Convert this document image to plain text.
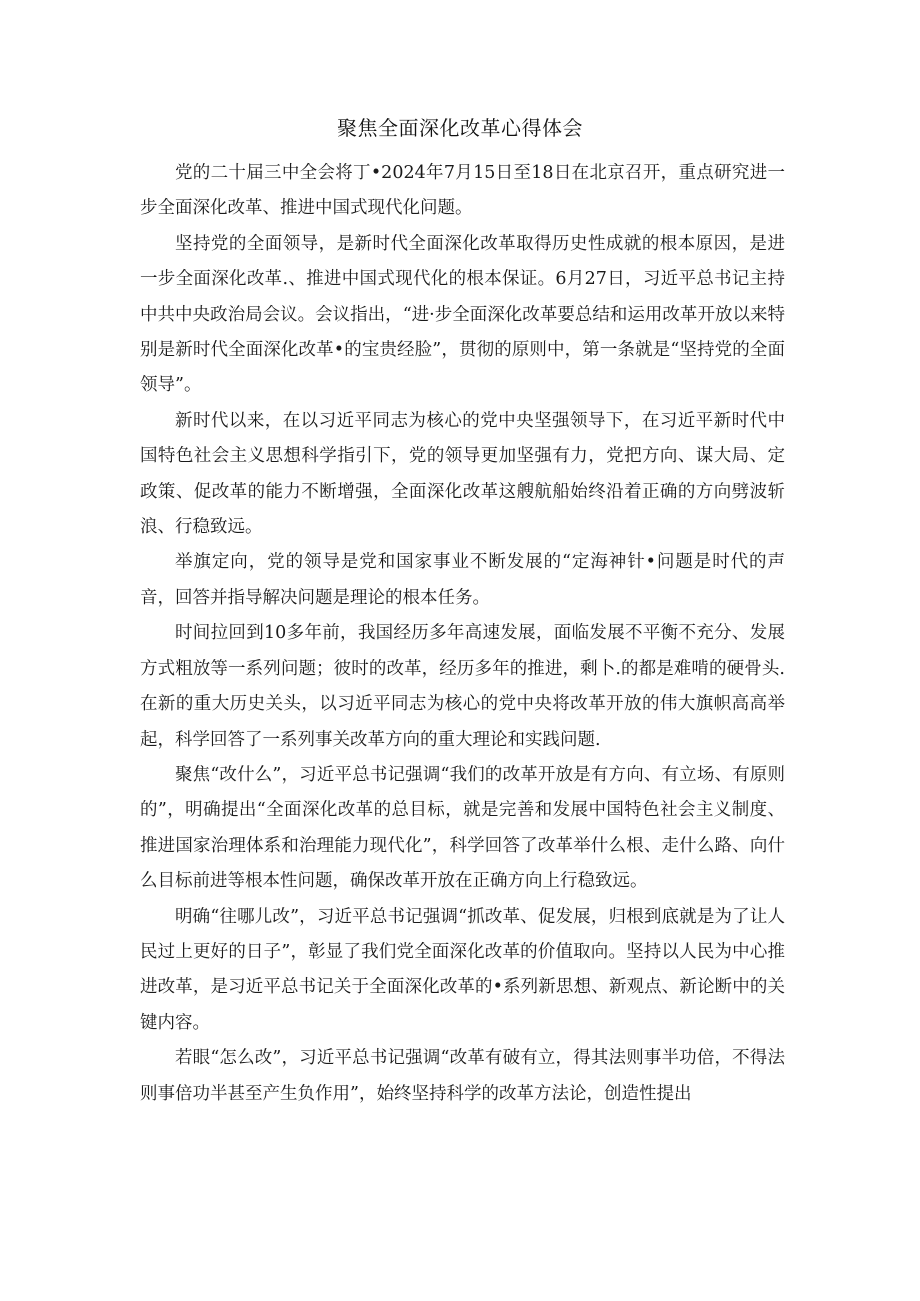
聚焦全面深化改革心得体会

党的二十届三中全会将丁•2024年7月15日至18日在北京召开，重点研究进一步全面深化改革、推进中国式现代化问题。

坚持党的全面领导，是新时代全面深化改革取得历史性成就的根本原因，是进一步全面深化改革.、推进中国式现代化的根本保证。6月27日，习近平总书记主持中共中央政治局会议。会议指出，“进·步全面深化改革要总结和运用改革开放以来特别是新时代全面深化改革•的宝贵经脸”，贯彻的原则中，第一条就是“坚持党的全面领导”。

新时代以来，在以习近平同志为核心的党中央坚强领导下，在习近平新时代中国特色社会主义思想科学指引下，党的领导更加坚强有力，党把方向、谋大局、定政策、促改革的能力不断增强，全面深化改革这艘航船始终沿着正确的方向劈波斩浪、行稳致远。

举旗定向，党的领导是党和国家事业不断发展的“定海神针•问题是时代的声音，回答并指导解决问题是理论的根本任务。

时间拉回到10多年前，我国经历多年高速发展，面临发展不平衡不充分、发展方式粗放等一系列问题；彼时的改革，经历多年的推进，剩卜.的都是难啃的硬骨头.在新的重大历史关头，以习近平同志为核心的党中央将改革开放的伟大旗帜高高举起，科学回答了一系列事关改革方向的重大理论和实践问题.

聚焦“改什么”，习近平总书记强调“我们的改革开放是有方向、有立场、有原则的”，明确提出“全面深化改革的总目标，就是完善和发展中国特色社会主义制度、推进国家治理体系和治理能力现代化”，科学回答了改革举什么根、走什么路、向什么目标前进等根本性问题，确保改革开放在正确方向上行稳致远。

明确“往哪儿改”，习近平总书记强调“抓改革、促发展，归根到底就是为了让人民过上更好的日子”，彰显了我们党全面深化改革的价值取向。坚持以人民为中心推进改革，是习近平总书记关于全面深化改革的•系列新思想、新观点、新论断中的关键内容。

若眼“怎么改”，习近平总书记强调“改革有破有立，得其法则事半功倍，不得法则事倍功半甚至产生负作用”，始终坚持科学的改革方法论，创造性提出
